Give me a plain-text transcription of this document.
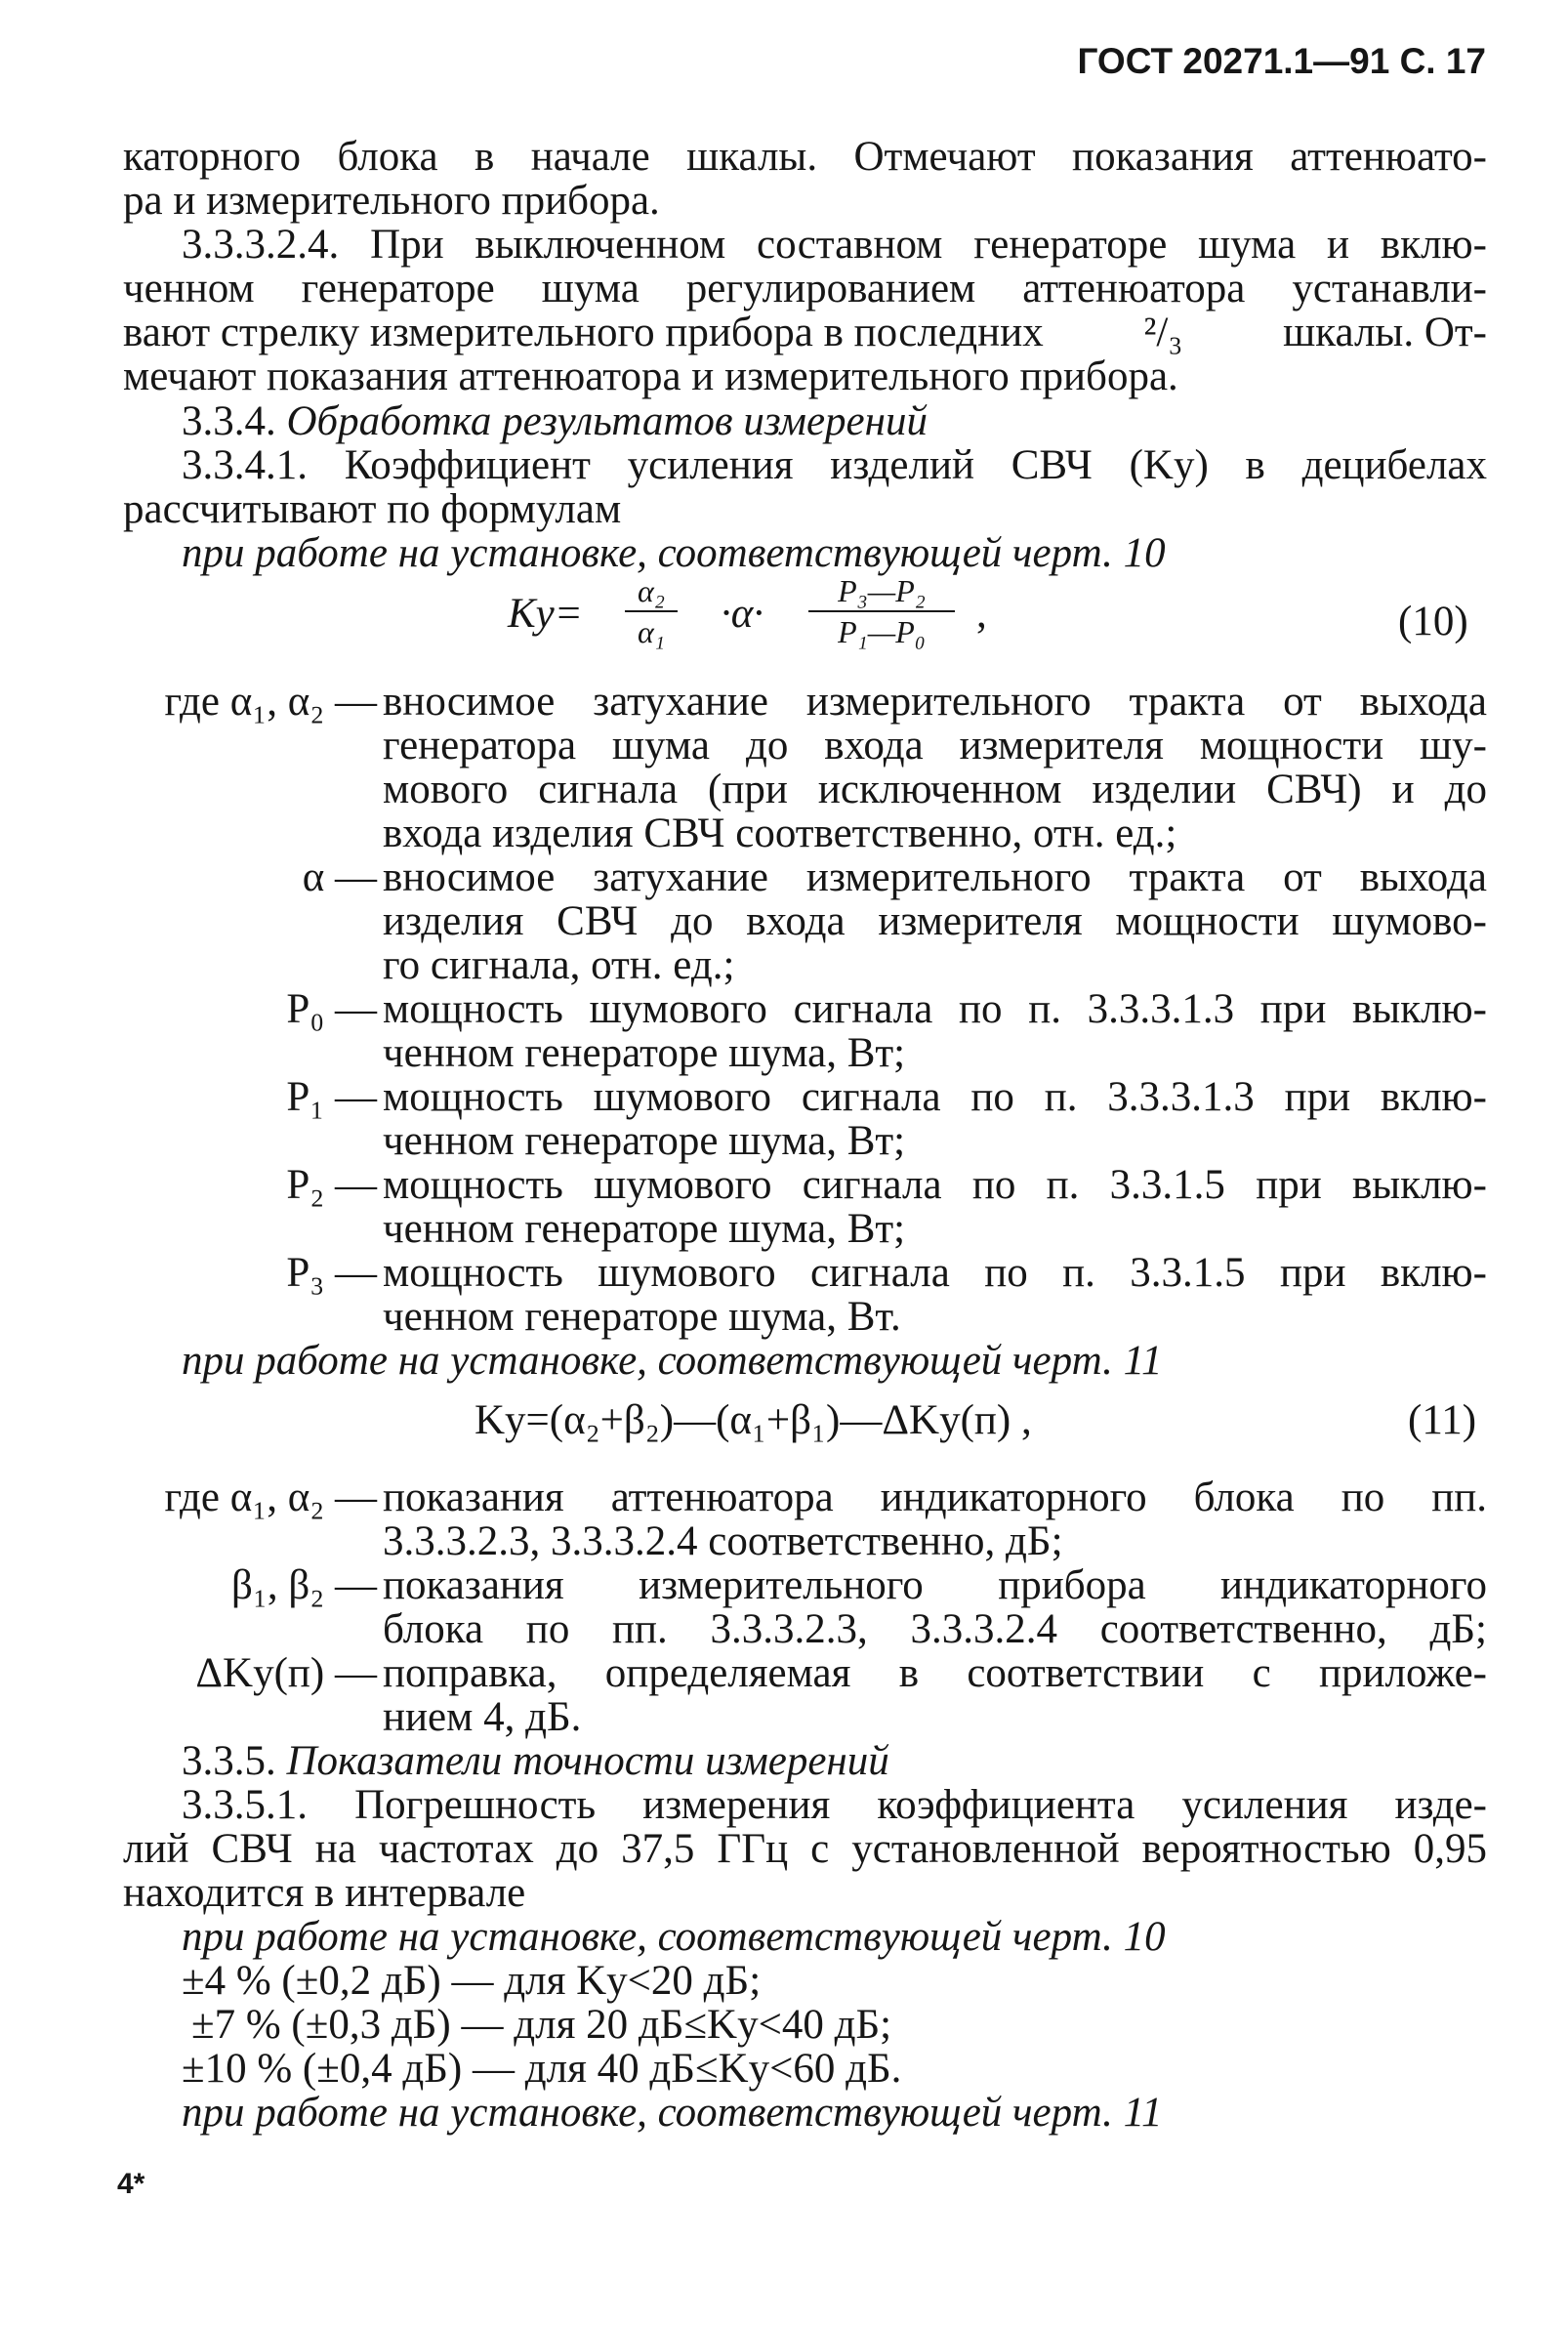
ГОСТ 20271.1—91 С. 17
каторного блока в начале шкалы. Отмечают показания аттенюато-
ра и измерительного прибора.
3.3.3.2.4. При выключенном составном генераторе шума и вклю-
ченном генераторе шума регулированием аттенюатора устанавли-
вают стрелку измерительного прибора в последних ²/₃ шкалы. От-
мечают показания аттенюатора и измерительного прибора.
3.3.4. Обработка результатов измерений
3.3.4.1. Коэффициент усиления изделий СВЧ (Kу) в децибелах
рассчитывают по формулам
при работе на установке, соответствующей черт. 10
Kу=	α₂
α₁	·α·	P₃—P₂
P₁—P₀	,	(10)
где α₁, α₂ — вносимое затухание измерительного тракта от выхода
генератора шума до входа измерителя мощности шу-
мового сигнала (при исключенном изделии СВЧ) и до
входа изделия СВЧ соответственно, отн. ед.;
α — вносимое затухание измерительного тракта от выхода
изделия СВЧ до входа измерителя мощности шумово-
го сигнала, отн. ед.;
P₀ — мощность шумового сигнала по п. 3.3.3.1.3 при выклю-
ченном генераторе шума, Вт;
P₁ — мощность шумового сигнала по п. 3.3.3.1.3 при вклю-
ченном генераторе шума, Вт;
P₂ — мощность шумового сигнала по п. 3.3.1.5 при выклю-
ченном генераторе шума, Вт;
P₃ — мощность шумового сигнала по п. 3.3.1.5 при вклю-
ченном генераторе шума, Вт.
при работе на установке, соответствующей черт. 11
Kу=(α₂+β₂)—(α₁+β₁)—ΔKу(п) ,	(11)
где α₁, α₂ — показания аттенюатора индикаторного блока по пп.
3.3.3.2.3, 3.3.3.2.4 соответственно, дБ;
β₁, β₂ — показания измерительного прибора индикаторного
блока по пп. 3.3.3.2.3, 3.3.3.2.4 соответственно, дБ;
ΔKу(п) — поправка, определяемая в соответствии с приложе-
нием 4, дБ.
3.3.5. Показатели точности измерений
3.3.5.1. Погрешность измерения коэффициента усиления изде-
лий СВЧ на частотах до 37,5 ГГц с установленной вероятностью 0,95
находится в интервале
при работе на установке, соответствующей черт. 10
±4 % (±0,2 дБ) — для Kу<20 дБ;
±7 % (±0,3 дБ) — для 20 дБ≤Kу<40 дБ;
±10 % (±0,4 дБ) — для 40 дБ≤Kу<60 дБ.
при работе на установке, соответствующей черт. 11
4*
